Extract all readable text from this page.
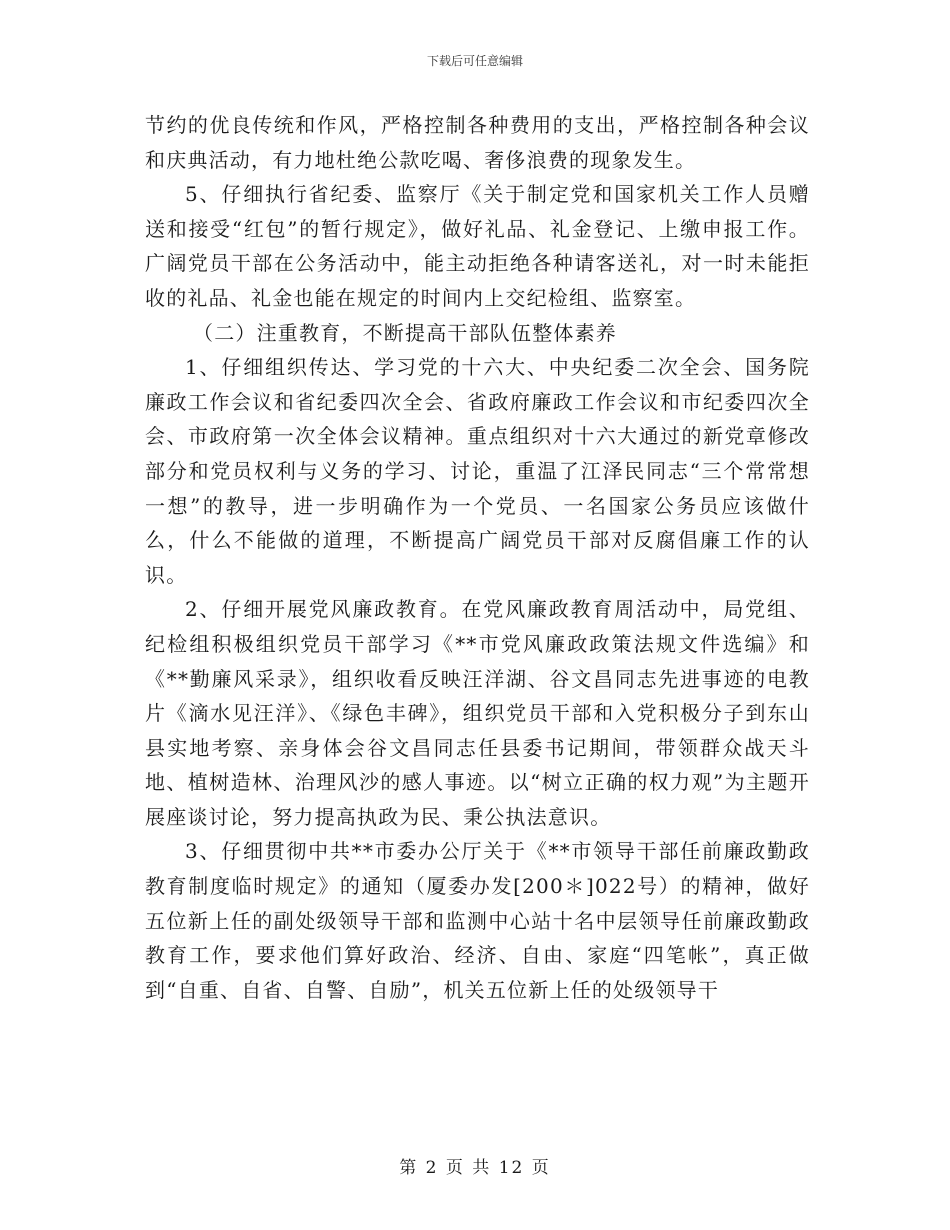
下载后可任意编辑

节约的优良传统和作风，严格控制各种费用的支出，严格控制各种会议和庆典活动，有力地杜绝公款吃喝、奢侈浪费的现象发生。

5、仔细执行省纪委、监察厅《关于制定党和国家机关工作人员赠送和接受“红包”的暂行规定》，做好礼品、礼金登记、上缴申报工作。广阔党员干部在公务活动中，能主动拒绝各种请客送礼，对一时未能拒收的礼品、礼金也能在规定的时间内上交纪检组、监察室。

（二）注重教育，不断提高干部队伍整体素养

1、仔细组织传达、学习党的十六大、中央纪委二次全会、国务院廉政工作会议和省纪委四次全会、省政府廉政工作会议和市纪委四次全会、市政府第一次全体会议精神。重点组织对十六大通过的新党章修改部分和党员权利与义务的学习、讨论，重温了江泽民同志“三个常常想一想”的教导，进一步明确作为一个党员、一名国家公务员应该做什么，什么不能做的道理，不断提高广阔党员干部对反腐倡廉工作的认识。

2、仔细开展党风廉政教育。在党风廉政教育周活动中，局党组、纪检组积极组织党员干部学习《**市党风廉政政策法规文件选编》和《**勤廉风采录》，组织收看反映汪洋湖、谷文昌同志先进事迹的电教片《滴水见汪洋》、《绿色丰碑》，组织党员干部和入党积极分子到东山县实地考察、亲身体会谷文昌同志任县委书记期间，带领群众战天斗地、植树造林、治理风沙的感人事迹。以“树立正确的权力观”为主题开展座谈讨论，努力提高执政为民、秉公执法意识。

3、仔细贯彻中共**市委办公厅关于《**市领导干部任前廉政勤政教育制度临时规定》的通知（厦委办发[200＊]022号）的精神，做好五位新上任的副处级领导干部和监测中心站十名中层领导任前廉政勤政教育工作，要求他们算好政治、经济、自由、家庭“四笔帐”，真正做到“自重、自省、自警、自励”，机关五位新上任的处级领导干

第 2 页 共 12 页
